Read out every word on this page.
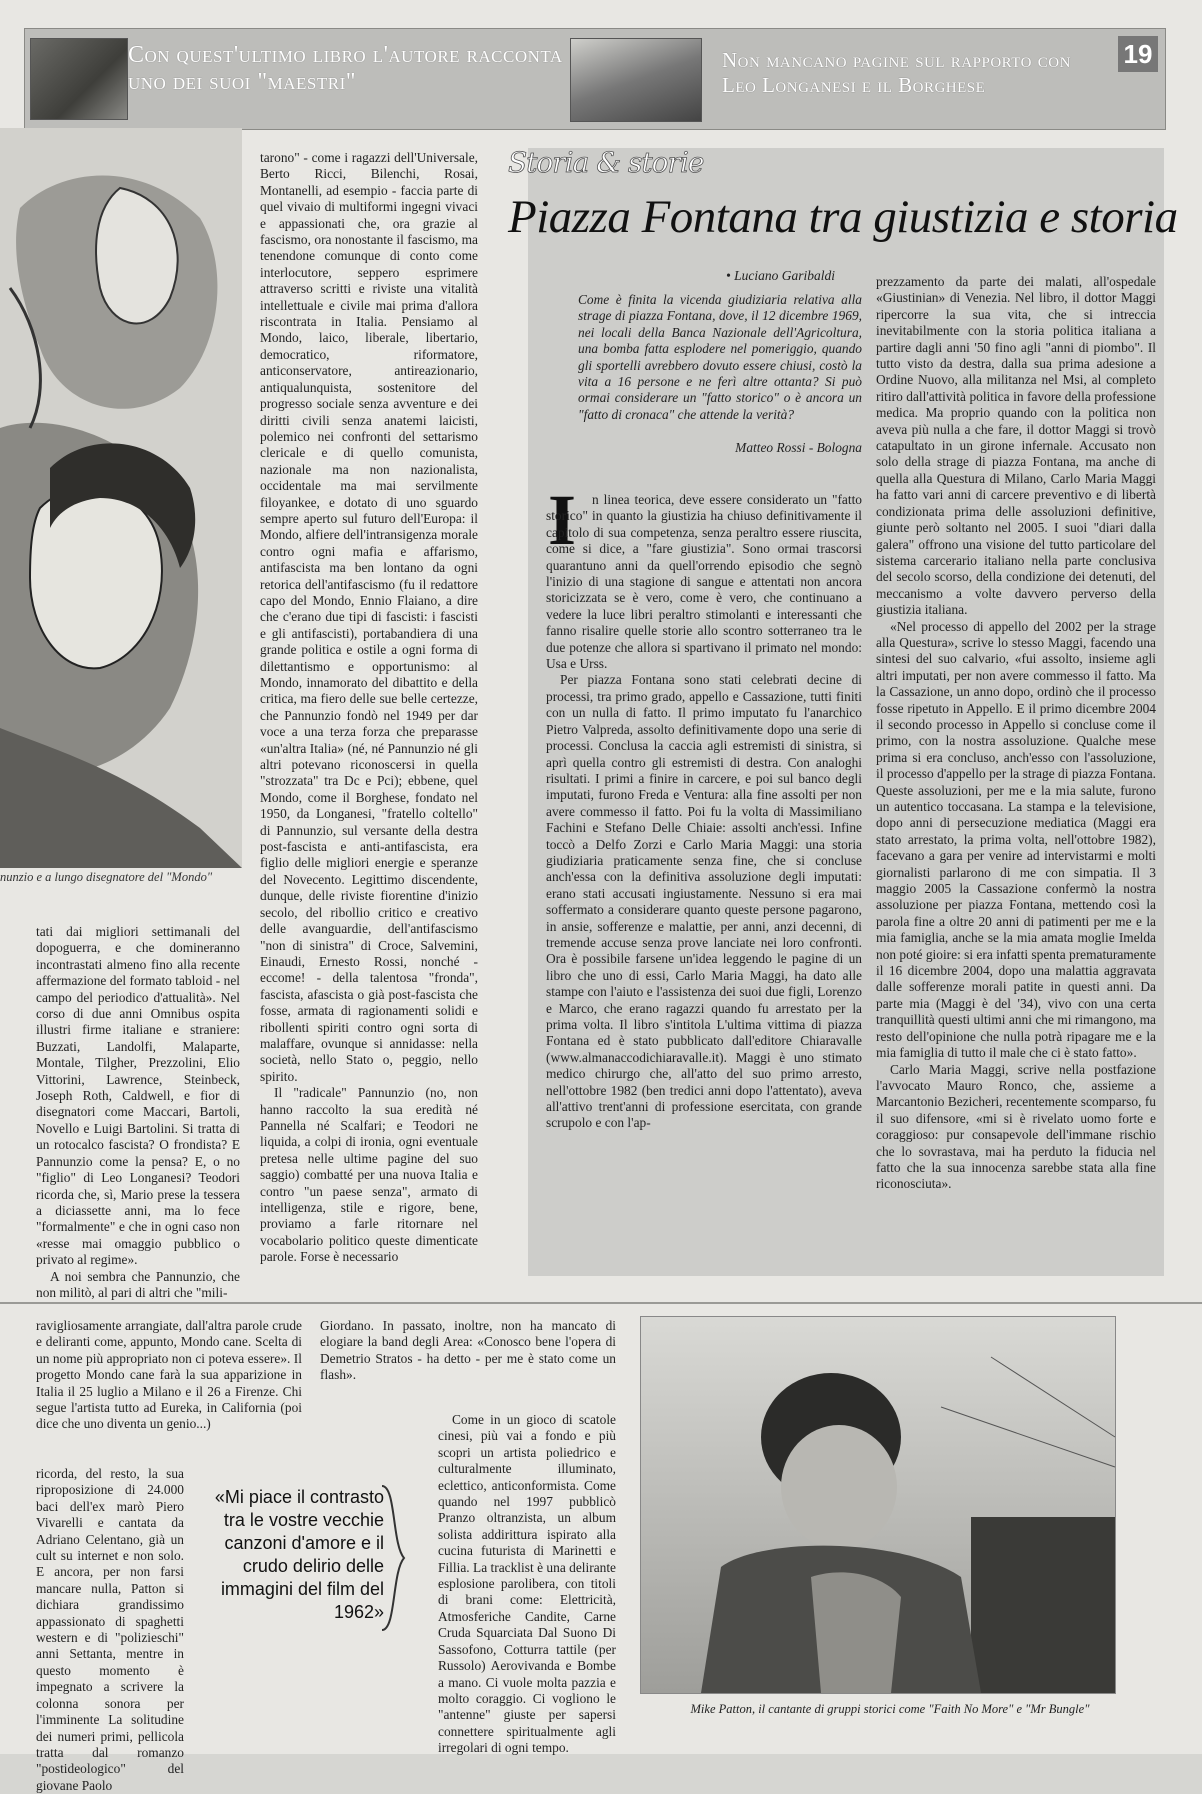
Con quest'ultimo libro l'autore racconta uno dei suoi "maestri"
Non mancano pagine sul rapporto con Leo Longanesi e il Borghese
19
nunzio e a lungo disegnatore del "Mondo"

tati dai migliori settimanali del dopoguerra, e che domineranno incontrastati almeno fino alla recente affermazione del formato tabloid - nel campo del periodico d'attualità». Nel corso di due anni Omnibus ospita illustri firme italiane e straniere: Buzzati, Landolfi, Malaparte, Montale, Tilgher, Prezzolini, Elio Vittorini, Lawrence, Steinbeck, Joseph Roth, Caldwell, e fior di disegnatori come Maccari, Bartoli, Novello e Luigi Bartolini. Si tratta di un rotocalco fascista? O frondista? E Pannunzio come la pensa? E, o no "figlio" di Leo Longanesi? Teodori ricorda che, sì, Mario prese la tessera a diciassette anni, ma lo fece "formalmente" e che in ogni caso non «resse mai omaggio pubblico o privato al regime».

A noi sembra che Pannunzio, che non militò, al pari di altri che "mili-

tarono" - come i ragazzi dell'Universale, Berto Ricci, Bilenchi, Rosai, Montanelli, ad esempio - faccia parte di quel vivaio di multiformi ingegni vivaci e appassionati che, ora grazie al fascismo, ora nonostante il fascismo, ma tenendone comunque di conto come interlocutore, seppero esprimere attraverso scritti e riviste una vitalità intellettuale e civile mai prima d'allora riscontrata in Italia. Pensiamo al Mondo, laico, liberale, libertario, democratico, riformatore, anticonservatore, antireazionario, antiqualunquista, sostenitore del progresso sociale senza avventure e dei diritti civili senza anatemi laicisti, polemico nei confronti del settarismo clericale e di quello comunista, nazionale ma non nazionalista, occidentale ma mai servilmente filoyankee, e dotato di uno sguardo sempre aperto sul futuro dell'Europa: il Mondo, alfiere dell'intransigenza morale contro ogni mafia e affarismo, antifascista ma ben lontano da ogni retorica dell'antifascismo (fu il redattore capo del Mondo, Ennio Flaiano, a dire che c'erano due tipi di fascisti: i fascisti e gli antifascisti), portabandiera di una grande politica e ostile a ogni forma di dilettantismo e opportunismo: al Mondo, innamorato del dibattito e della critica, ma fiero delle sue belle certezze, che Pannunzio fondò nel 1949 per dar voce a una terza forza che preparasse «un'altra Italia» (né, né Pannunzio né gli altri potevano riconoscersi in quella "strozzata" tra Dc e Pci); ebbene, quel Mondo, come il Borghese, fondato nel 1950, da Longanesi, "fratello coltello" di Pannunzio, sul versante della destra post-fascista e anti-antifascista, era figlio delle migliori energie e speranze del Novecento. Legittimo discendente, dunque, delle riviste fiorentine d'inizio secolo, del ribollio critico e creativo delle avanguardie, dell'antifascismo "non di sinistra" di Croce, Salvemini, Einaudi, Ernesto Rossi, nonché - eccome! - della talentosa "fronda", fascista, afascista o già post-fascista che fosse, armata di ragionamenti solidi e ribollenti spiriti contro ogni sorta di malaffare, ovunque si annidasse: nella società, nello Stato o, peggio, nello spirito.

Il "radicale" Pannunzio (no, non hanno raccolto la sua eredità né Pannella né Scalfari; e Teodori ne liquida, a colpi di ironia, ogni eventuale pretesa nelle ultime pagine del suo saggio) combatté per una nuova Italia e contro "un paese senza", armato di intelligenza, stile e rigore, bene, proviamo a farle ritornare nel vocabolario politico queste dimenticate parole. Forse è necessario

Storia & storie
Piazza Fontana tra giustizia e storia
• Luciano Garibaldi
Come è finita la vicenda giudiziaria relativa alla strage di piazza Fontana, dove, il 12 dicembre 1969, nei locali della Banca Nazionale dell'Agricoltura, una bomba fatta esplodere nel pomeriggio, quando gli sportelli avrebbero dovuto essere chiusi, costò la vita a 16 persone e ne ferì altre ottanta? Si può ormai considerare un "fatto storico" o è ancora un "fatto di cronaca" che attende la verità?
Matteo Rossi - Bologna
I	n linea teorica, deve essere considerato un "fatto storico" in quanto la giustizia ha chiuso definitivamente il capitolo di sua competenza, senza peraltro essere riuscita, come si dice, a "fare giustizia". Sono ormai trascorsi quarantuno anni da quell'orrendo episodio che segnò l'inizio di una stagione di sangue e attentati non ancora storicizzata se è vero, come è vero, che continuano a vedere la luce libri peraltro stimolanti e interessanti che fanno risalire quelle storie allo scontro sotterraneo tra le due potenze che allora si spartivano il primato nel mondo: Usa e Urss.

Per piazza Fontana sono stati celebrati decine di processi, tra primo grado, appello e Cassazione, tutti finiti con un nulla di fatto. Il primo imputato fu l'anarchico Pietro Valpreda, assolto definitivamente dopo una serie di processi. Conclusa la caccia agli estremisti di sinistra, si aprì quella contro gli estremisti di destra. Con analoghi risultati. I primi a finire in carcere, e poi sul banco degli imputati, furono Freda e Ventura: alla fine assolti per non avere commesso il fatto. Poi fu la volta di Massimiliano Fachini e Stefano Delle Chiaie: assolti anch'essi. Infine toccò a Delfo Zorzi e Carlo Maria Maggi: una storia giudiziaria praticamente senza fine, che si concluse anch'essa con la definitiva assoluzione degli imputati: erano stati accusati ingiustamente. Nessuno si era mai soffermato a considerare quanto queste persone pagarono, in ansie, sofferenze e malattie, per anni, anzi decenni, di tremende accuse senza prove lanciate nei loro confronti. Ora è possibile farsene un'idea leggendo le pagine di un libro che uno di essi, Carlo Maria Maggi, ha dato alle stampe con l'aiuto e l'assistenza dei suoi due figli, Lorenzo e Marco, che erano ragazzi quando fu arrestato per la prima volta. Il libro s'intitola L'ultima vittima di piazza Fontana ed è stato pubblicato dall'editore Chiaravalle (www.almanaccodichiaravalle.it). Maggi è uno stimato medico chirurgo che, all'atto del suo primo arresto, nell'ottobre 1982 (ben tredici anni dopo l'attentato), aveva all'attivo trent'anni di professione esercitata, con grande scrupolo e con l'ap-

prezzamento da parte dei malati, all'ospedale «Giustinian» di Venezia. Nel libro, il dottor Maggi ripercorre la sua vita, che si intreccia inevitabilmente con la storia politica italiana a partire dagli anni '50 fino agli "anni di piombo". Il tutto visto da destra, dalla sua prima adesione a Ordine Nuovo, alla militanza nel Msi, al completo ritiro dall'attività politica in favore della professione medica. Ma proprio quando con la politica non aveva più nulla a che fare, il dottor Maggi si trovò catapultato in un girone infernale. Accusato non solo della strage di piazza Fontana, ma anche di quella alla Questura di Milano, Carlo Maria Maggi ha fatto vari anni di carcere preventivo e di libertà condizionata prima delle assoluzioni definitive, giunte però soltanto nel 2005. I suoi "diari dalla galera" offrono una visione del tutto particolare del sistema carcerario italiano nella parte conclusiva del secolo scorso, della condizione dei detenuti, del meccanismo a volte davvero perverso della giustizia italiana.

«Nel processo di appello del 2002 per la strage alla Questura», scrive lo stesso Maggi, facendo una sintesi del suo calvario, «fui assolto, insieme agli altri imputati, per non avere commesso il fatto. Ma la Cassazione, un anno dopo, ordinò che il processo fosse ripetuto in Appello. E il primo dicembre 2004 il secondo processo in Appello si concluse come il primo, con la nostra assoluzione. Qualche mese prima si era concluso, anch'esso con l'assoluzione, il processo d'appello per la strage di piazza Fontana. Queste assoluzioni, per me e la mia salute, furono un autentico toccasana. La stampa e la televisione, dopo anni di persecuzione mediatica (Maggi era stato arrestato, la prima volta, nell'ottobre 1982), facevano a gara per venire ad intervistarmi e molti giornalisti parlarono di me con simpatia. Il 3 maggio 2005 la Cassazione confermò la nostra assoluzione per piazza Fontana, mettendo così la parola fine a oltre 20 anni di patimenti per me e la mia famiglia, anche se la mia amata moglie Imelda non poté gioire: si era infatti spenta prematuramente il 16 dicembre 2004, dopo una malattia aggravata dalle sofferenze morali patite in questi anni. Da parte mia (Maggi è del '34), vivo con una certa tranquillità questi ultimi anni che mi rimangono, ma resto dell'opinione che nulla potrà ripagare me e la mia famiglia di tutto il male che ci è stato fatto».

Carlo Maria Maggi, scrive nella postfazione l'avvocato Mauro Ronco, che, assieme a Marcantonio Bezicheri, recentemente scomparso, fu il suo difensore, «mi si è rivelato uomo forte e coraggioso: pur consapevole dell'immane rischio che lo sovrastava, mai ha perduto la fiducia nel fatto che la sua innocenza sarebbe stata alla fine riconosciuta».

ravigliosamente arrangiate, dall'altra parole crude e deliranti come, appunto, Mondo cane. Scelta di un nome più appropriato non ci poteva essere». Il progetto Mondo cane farà la sua apparizione in Italia il 25 luglio a Milano e il 26 a Firenze. Chi segue l'artista tutto ad Eureka, in California (poi dice che uno diventa un genio...)
ricorda, del resto, la sua riproposizione di 24.000 baci dell'ex marò Piero Vivarelli e cantata da Adriano Celentano, già un cult su internet e non solo. E ancora, per non farsi mancare nulla, Patton si dichiara grandissimo appassionato di spaghetti western e di "polizieschi" anni Settanta, mentre in questo momento è impegnato a scrivere la colonna sonora per l'imminente La solitudine dei numeri primi, pellicola tratta dal romanzo "postideologico" del giovane Paolo
«Mi piace il contrasto tra le vostre vecchie canzoni d'amore e il crudo delirio delle immagini del film del 1962»
Giordano. In passato, inoltre, non ha mancato di elogiare la band degli Area: «Conosco bene l'opera di Demetrio Stratos - ha detto - per me è stato come un flash».
Come in un gioco di scatole cinesi, più vai a fondo e più scopri un artista poliedrico e culturalmente illuminato, eclettico, anticonformista. Come quando nel 1997 pubblicò Pranzo oltranzista, un album solista addirittura ispirato alla cucina futurista di Marinetti e Fillia. La tracklist è una delirante esplosione parolibera, con titoli di brani come: Elettricità, Atmosferiche Candite, Carne Cruda Squarciata Dal Suono Di Sassofono, Cotturra tattile (per Russolo) Aerovivanda e Bombe a mano. Ci vuole molta pazzia e molto coraggio. Ci vogliono le "antenne" giuste per sapersi connettere spiritualmente agli irregolari di ogni tempo.
Mike Patton, il cantante di gruppi storici come "Faith No More" e "Mr Bungle"
